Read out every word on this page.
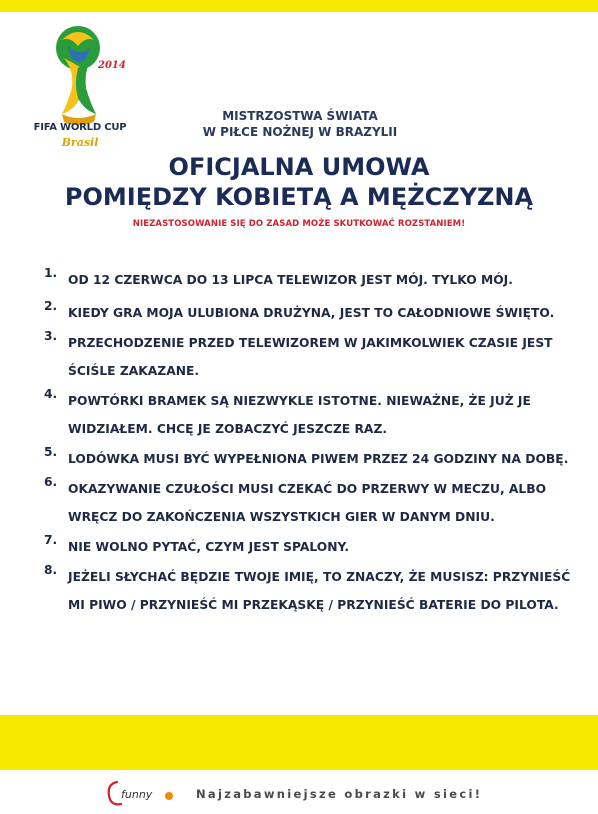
2014
FIFA WORLD CUP
Brasil
MISTRZOSTWA ŚWIATA
W PIŁCE NOŻNEJ W BRAZYLII
OFICJALNA UMOWA
POMIĘDZY KOBIETĄ A MĘŻCZYZNĄ
NIEZASTOSOWANIE SIĘ DO ZASAD MOŻE SKUTKOWAĆ ROZSTANIEM!
1. OD 12 CZERWCA DO 13 LIPCA TELEWIZOR JEST MÓJ. TYLKO MÓJ.
2. KIEDY GRA MOJA ULUBIONA DRUŻYNA, JEST TO CAŁODNIOWE ŚWIĘTO.
3. PRZECHODZENIE PRZED TELEWIZOREM W JAKIMKOLWIEK CZASIE JEST ŚCIŚLE ZAKAZANE.
4. POWTÓRKI BRAMEK SĄ NIEZWYKLE ISTOTNE. NIEWAŻNE, ŻE JUŻ JE WIDZIAŁEM. CHCĘ JE ZOBACZYĆ JESZCZE RAZ.
5. LODÓWKA MUSI BYĆ WYPEŁNIONA PIWEM PRZEZ 24 GODZINY NA DOBĘ.
6. OKAZYWANIE CZUŁOŚCI MUSI CZEKAĆ DO PRZERWY W MECZU, ALBO WRĘCZ DO ZAKOŃCZENIA WSZYSTKICH GIER W DANYM DNIU.
7. NIE WOLNO PYTAĆ, CZYM JEST SPALONY.
8. JEŻELI SŁYCHAĆ BĘDZIE TWOJE IMIĘ, TO ZNACZY, ŻE MUSISZ: PRZYNIEŚĆ MI PIWO / PRZYNIEŚĆ MI PRZEKĄSKĘ / PRZYNIEŚĆ BATERIE DO PILOTA.
funny	Najzabawniejsze obrazki w sieci!
